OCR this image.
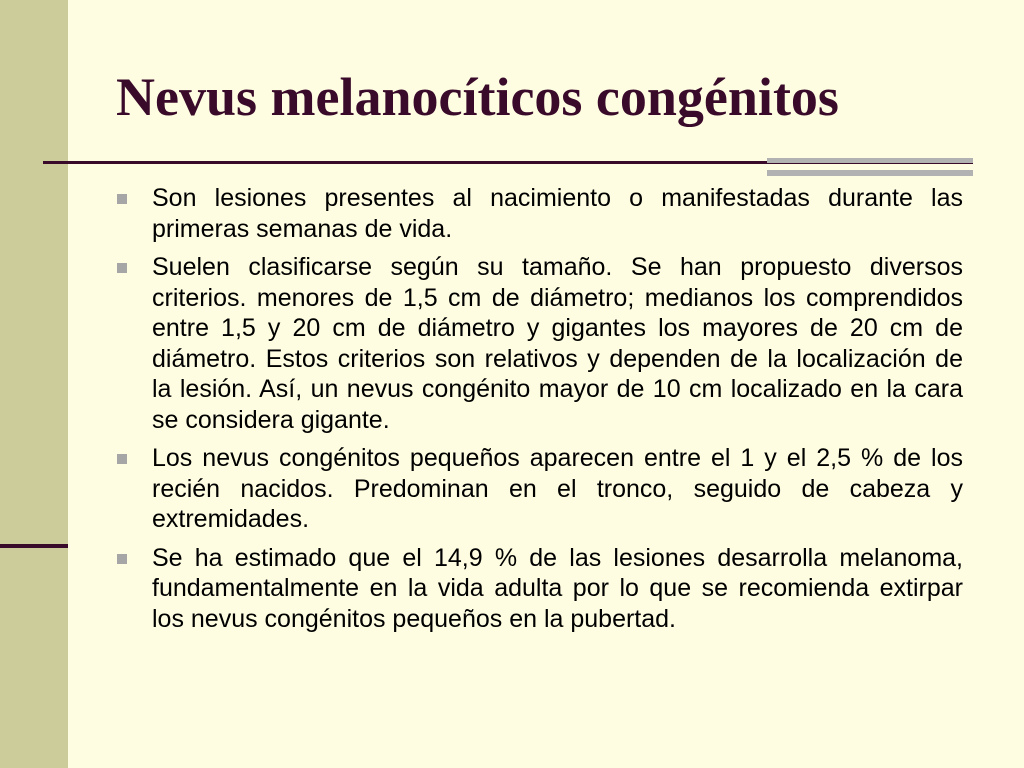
Nevus melanocíticos congénitos
Son lesiones presentes al nacimiento o manifestadas durante las primeras semanas de vida.
Suelen clasificarse según su tamaño. Se han propuesto diversos criterios. menores de 1,5 cm de diámetro; medianos los comprendidos entre 1,5 y 20 cm de diámetro y gigantes los mayores de 20 cm de diámetro. Estos criterios son relativos y dependen de la localización de la lesión. Así, un nevus congénito mayor de 10 cm localizado en la cara se considera gigante.
Los nevus congénitos pequeños aparecen entre el 1 y el 2,5 % de los recién nacidos. Predominan en el tronco, seguido de cabeza y extremidades.
Se ha estimado que el 14,9 % de las lesiones desarrolla melanoma, fundamentalmente en la vida adulta por lo que se recomienda extirpar los nevus congénitos pequeños en la pubertad.
